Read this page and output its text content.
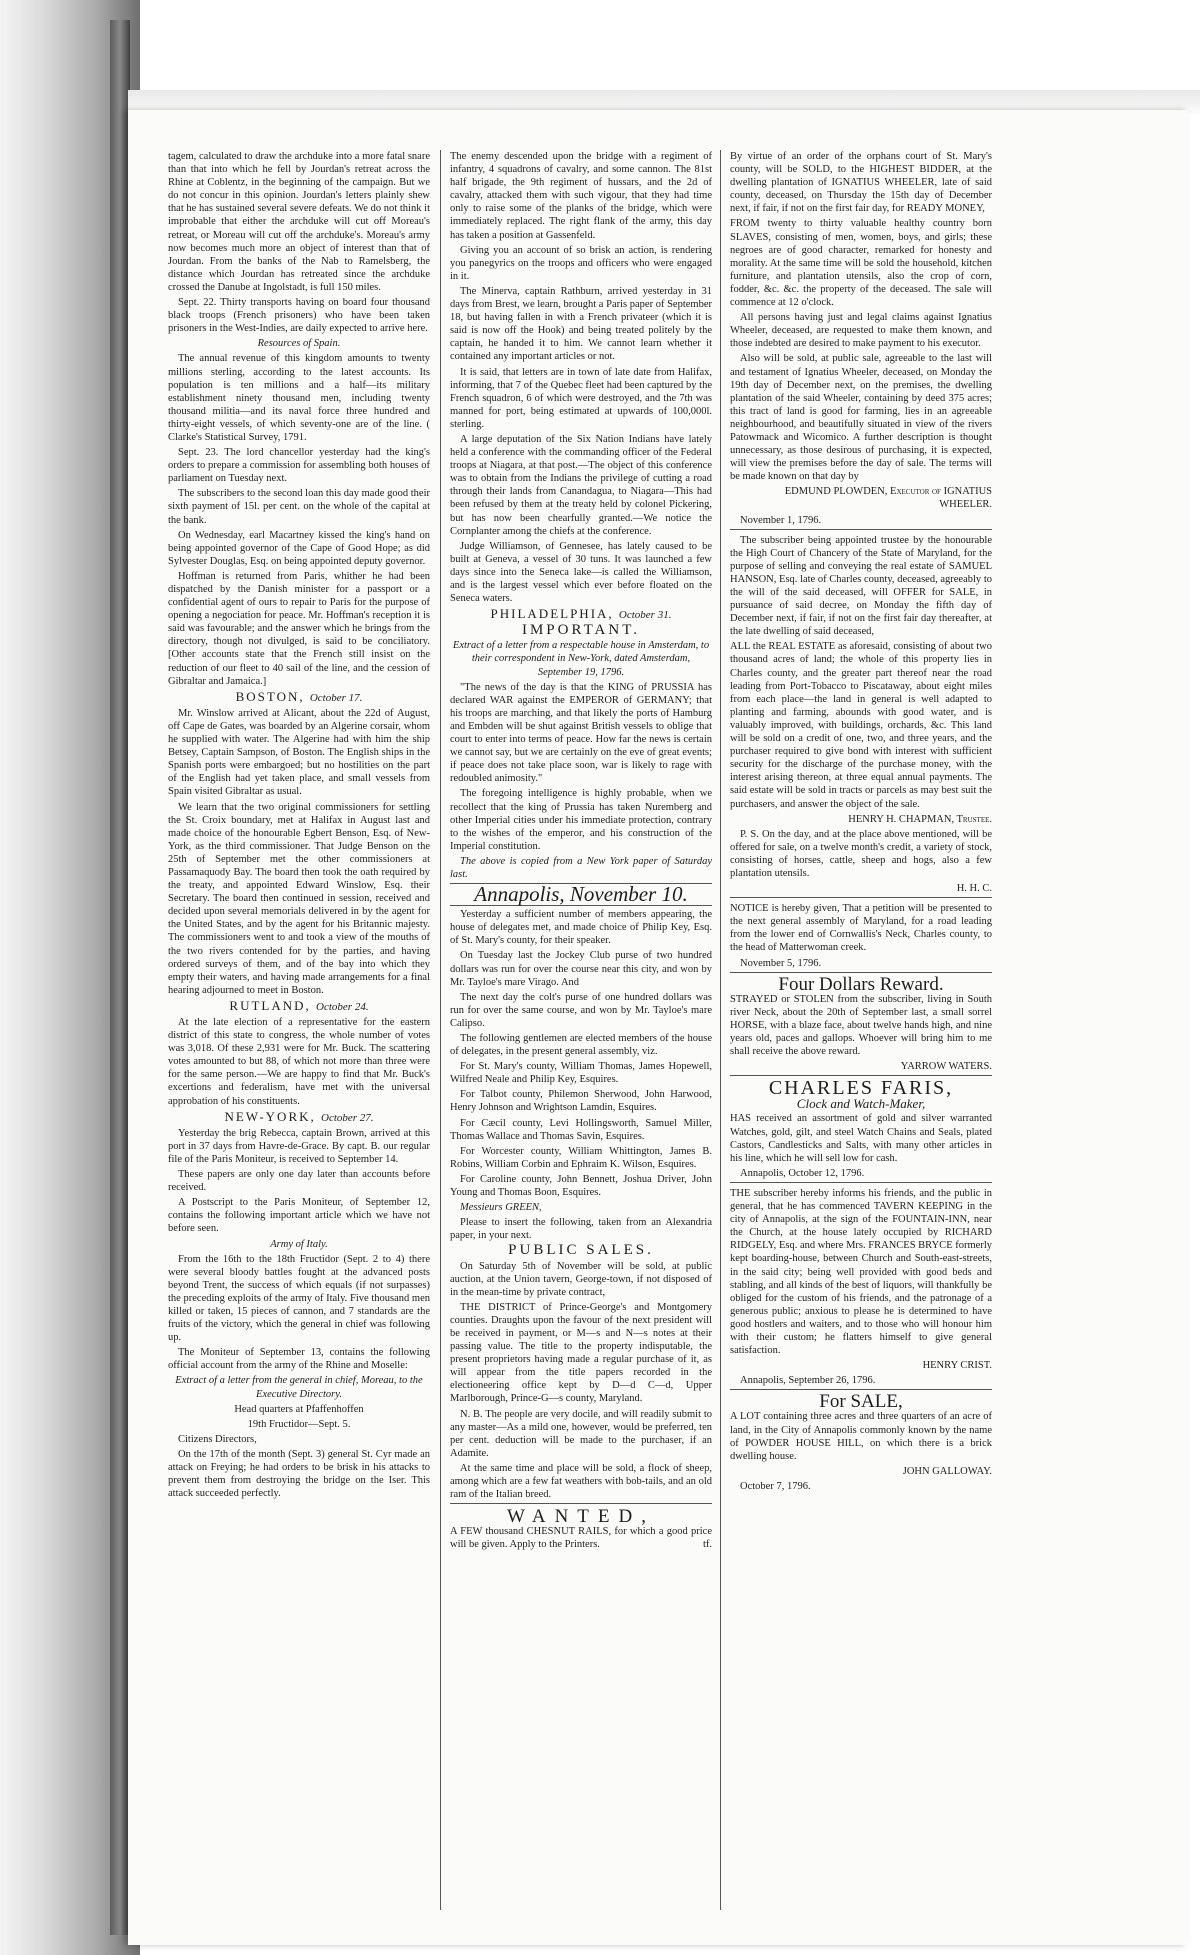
tagem, calculated to draw the archduke into a more fatal snare than that into which he fell by Jourdan's retreat across the Rhine at Coblentz, in the beginning of the campaign. But we do not concur in this opinion. Jourdan's letters plainly shew that he has sustained several severe defeats. We do not think it improbable that either the archduke will cut off Moreau's retreat, or Moreau will cut off the archduke's. Moreau's army now becomes much more an object of interest than that of Jourdan. From the banks of the Nab to Ramelsberg, the distance which Jourdan has retreated since the archduke crossed the Danube at Ingolstadt, is full 150 miles.

Sept. 22. Thirty transports having on board four thousand black troops (French prisoners) who have been taken prisoners in the West-Indies, are daily expected to arrive here.

Resources of Spain.

The annual revenue of this kingdom amounts to twenty millions sterling, according to the latest accounts. Its population is ten millions and a half—its military establishment ninety thousand men, including twenty thousand militia—and its naval force three hundred and thirty-eight vessels, of which seventy-one are of the line. ( Clarke's Statistical Survey, 1791.

Sept. 23. The lord chancellor yesterday had the king's orders to prepare a commission for assembling both houses of parliament on Tuesday next.

The subscribers to the second loan this day made good their sixth payment of 15l. per cent. on the whole of the capital at the bank.

On Wednesday, earl Macartney kissed the king's hand on being appointed governor of the Cape of Good Hope; as did Sylvester Douglas, Esq. on being appointed deputy governor.

Hoffman is returned from Paris, whither he had been dispatched by the Danish minister for a passport or a confidential agent of ours to repair to Paris for the purpose of opening a negociation for peace. Mr. Hoffman's reception it is said was favourable; and the answer which he brings from the directory, though not divulged, is said to be conciliatory. [Other accounts state that the French still insist on the reduction of our fleet to 40 sail of the line, and the cession of Gibraltar and Jamaica.]

BOSTON, October 17.

Mr. Winslow arrived at Alicant, about the 22d of August, off Cape de Gates, was boarded by an Algerine corsair, whom he supplied with water. The Algerine had with him the ship Betsey, Captain Sampson, of Boston. The English ships in the Spanish ports were embargoed; but no hostilities on the part of the English had yet taken place, and small vessels from Spain visited Gibraltar as usual.

We learn that the two original commissioners for settling the St. Croix boundary, met at Halifax in August last and made choice of the honourable Egbert Benson, Esq. of New-York, as the third commissioner. That Judge Benson on the 25th of September met the other commissioners at Passamaquody Bay. The board then took the oath required by the treaty, and appointed Edward Winslow, Esq. their Secretary. The board then continued in session, received and decided upon several memorials delivered in by the agent for the United States, and by the agent for his Britannic majesty. The commissioners went to and took a view of the mouths of the two rivers contended for by the parties, and having ordered surveys of them, and of the bay into which they empty their waters, and having made arrangements for a final hearing adjourned to meet in Boston.

RUTLAND, October 24.

At the late election of a representative for the eastern district of this state to congress, the whole number of votes was 3,018. Of these 2,931 were for Mr. Buck. The scattering votes amounted to but 88, of which not more than three were for the same person.—We are happy to find that Mr. Buck's excertions and federalism, have met with the universal approbation of his constituents.

NEW-YORK, October 27.

Yesterday the brig Rebecca, captain Brown, arrived at this port in 37 days from Havre-de-Grace. By capt. B. our regular file of the Paris Moniteur, is received to September 14.

These papers are only one day later than accounts before received.

A Postscript to the Paris Moniteur, of September 12, contains the following important article which we have not before seen.

Army of Italy.

From the 16th to the 18th Fructidor (Sept. 2 to 4) there were several bloody battles fought at the advanced posts beyond Trent, the success of which equals (if not surpasses) the preceding exploits of the army of Italy. Five thousand men killed or taken, 15 pieces of cannon, and 7 standards are the fruits of the victory, which the general in chief was following up.

The Moniteur of September 13, contains the following official account from the army of the Rhine and Moselle:

Extract of a letter from the general in chief, Moreau, to the Executive Directory.

Head quarters at Pfaffenhoffen

19th Fructidor—Sept. 5.

Citizens Directors,

On the 17th of the month (Sept. 3) general St. Cyr made an attack on Freying; he had orders to be brisk in his attacks to prevent them from destroying the bridge on the Iser. This attack succeeded perfectly.

The enemy descended upon the bridge with a regiment of infantry, 4 squadrons of cavalry, and some cannon. The 81st half brigade, the 9th regiment of hussars, and the 2d of cavalry, attacked them with such vigour, that they had time only to raise some of the planks of the bridge, which were immediately replaced. The right flank of the army, this day has taken a position at Gassenfeld.

Giving you an account of so brisk an action, is rendering you panegyrics on the troops and officers who were engaged in it.

The Minerva, captain Rathburn, arrived yesterday in 31 days from Brest, we learn, brought a Paris paper of September 18, but having fallen in with a French privateer (which it is said is now off the Hook) and being treated politely by the captain, he handed it to him. We cannot learn whether it contained any important articles or not.

It is said, that letters are in town of late date from Halifax, informing, that 7 of the Quebec fleet had been captured by the French squadron, 6 of which were destroyed, and the 7th was manned for port, being estimated at upwards of 100,000l. sterling.

A large deputation of the Six Nation Indians have lately held a conference with the commanding officer of the Federal troops at Niagara, at that post.—The object of this conference was to obtain from the Indians the privilege of cutting a road through their lands from Canandagua, to Niagara—This had been refused by them at the treaty held by colonel Pickering, but has now been chearfully granted.—We notice the Cornplanter among the chiefs at the conference.

Judge Williamson, of Gennesee, has lately caused to be built at Geneva, a vessel of 30 tuns. It was launched a few days since into the Seneca lake—is called the Williamson, and is the largest vessel which ever before floated on the Seneca waters.

PHILADELPHIA, October 31.

IMPORTANT.

Extract of a letter from a respectable house in Amsterdam, to their correspondent in New-York, dated Amsterdam, September 19, 1796.

"The news of the day is that the KING of PRUSSIA has declared WAR against the EMPEROR of GERMANY; that his troops are marching, and that likely the ports of Hamburg and Embden will be shut against British vessels to oblige that court to enter into terms of peace. How far the news is certain we cannot say, but we are certainly on the eve of great events; if peace does not take place soon, war is likely to rage with redoubled animosity."

The foregoing intelligence is highly probable, when we recollect that the king of Prussia has taken Nuremberg and other Imperial cities under his immediate protection, contrary to the wishes of the emperor, and his construction of the Imperial constitution.

The above is copied from a New York paper of Saturday last.

Annapolis, November 10.

Yesterday a sufficient number of members appearing, the house of delegates met, and made choice of Philip Key, Esq. of St. Mary's county, for their speaker.

On Tuesday last the Jockey Club purse of two hundred dollars was run for over the course near this city, and won by Mr. Tayloe's mare Virago. And

The next day the colt's purse of one hundred dollars was run for over the same course, and won by Mr. Tayloe's mare Calipso.

The following gentlemen are elected members of the house of delegates, in the present general assembly, viz.

For St. Mary's county, William Thomas, James Hopewell, Wilfred Neale and Philip Key, Esquires.

For Talbot county, Philemon Sherwood, John Harwood, Henry Johnson and Wrightson Lamdin, Esquires.

For Cæcil county, Levi Hollingsworth, Samuel Miller, Thomas Wallace and Thomas Savin, Esquires.

For Worcester county, William Whittington, James B. Robins, William Corbin and Ephraim K. Wilson, Esquires.

For Caroline county, John Bennett, Joshua Driver, John Young and Thomas Boon, Esquires.

Messieurs GREEN,

Please to insert the following, taken from an Alexandria paper, in your next.

PUBLIC SALES.

On Saturday 5th of November will be sold, at public auction, at the Union tavern, George-town, if not disposed of in the mean-time by private contract,

THE DISTRICT of Prince-George's and Montgomery counties. Draughts upon the favour of the next president will be received in payment, or M—s and N—s notes at their passing value. The title to the property indisputable, the present proprietors having made a regular purchase of it, as will appear from the title papers recorded in the electioneering office kept by D—d C—d, Upper Marlborough, Prince-G—s county, Maryland.

N. B. The people are very docile, and will readily submit to any master—As a mild one, however, would be preferred, ten per cent. deduction will be made to the purchaser, if an Adamite.

At the same time and place will be sold, a flock of sheep, among which are a few fat weathers with bob-tails, and an old ram of the Italian breed.

WANTED,

A FEW thousand CHESNUT RAILS, for which a good price will be given. Apply to the Printers.	tf.

By virtue of an order of the orphans court of St. Mary's county, will be SOLD, to the HIGHEST BIDDER, at the dwelling plantation of IGNATIUS WHEELER, late of said county, deceased, on Thursday the 15th day of December next, if fair, if not on the first fair day, for READY MONEY,

FROM twenty to thirty valuable healthy country born SLAVES, consisting of men, women, boys, and girls; these negroes are of good character, remarked for honesty and morality. At the same time will be sold the household, kitchen furniture, and plantation utensils, also the crop of corn, fodder, &c. &c. the property of the deceased. The sale will commence at 12 o'clock.

All persons having just and legal claims against Ignatius Wheeler, deceased, are requested to make them known, and those indebted are desired to make payment to his executor.

Also will be sold, at public sale, agreeable to the last will and testament of Ignatius Wheeler, deceased, on Monday the 19th day of December next, on the premises, the dwelling plantation of the said Wheeler, containing by deed 375 acres; this tract of land is good for farming, lies in an agreeable neighbourhood, and beautifully situated in view of the rivers Patowmack and Wicomico. A further description is thought unnecessary, as those desirous of purchasing, it is expected, will view the premises before the day of sale. The terms will be made known on that day by

EDMUND PLOWDEN, Executor of IGNATIUS WHEELER.

November 1, 1796.

The subscriber being appointed trustee by the honourable the High Court of Chancery of the State of Maryland, for the purpose of selling and conveying the real estate of SAMUEL HANSON, Esq. late of Charles county, deceased, agreeably to the will of the said deceased, will OFFER for SALE, in pursuance of said decree, on Monday the fifth day of December next, if fair, if not on the first fair day thereafter, at the late dwelling of said deceased,

ALL the REAL ESTATE as aforesaid, consisting of about two thousand acres of land; the whole of this property lies in Charles county, and the greater part thereof near the road leading from Port-Tobacco to Piscataway, about eight miles from each place—the land in general is well adapted to planting and farming, abounds with good water, and is valuably improved, with buildings, orchards, &c. This land will be sold on a credit of one, two, and three years, and the purchaser required to give bond with interest with sufficient security for the discharge of the purchase money, with the interest arising thereon, at three equal annual payments. The said estate will be sold in tracts or parcels as may best suit the purchasers, and answer the object of the sale.

HENRY H. CHAPMAN, Trustee.

P. S. On the day, and at the place above mentioned, will be offered for sale, on a twelve month's credit, a variety of stock, consisting of horses, cattle, sheep and hogs, also a few plantation utensils.

H. H. C.

NOTICE is hereby given, That a petition will be presented to the next general assembly of Maryland, for a road leading from the lower end of Cornwallis's Neck, Charles county, to the head of Matterwoman creek.

November 5, 1796.

Four Dollars Reward.

STRAYED or STOLEN from the subscriber, living in South river Neck, about the 20th of September last, a small sorrel HORSE, with a blaze face, about twelve hands high, and nine years old, paces and gallops. Whoever will bring him to me shall receive the above reward.

YARROW WATERS.

CHARLES FARIS,

Clock and Watch-Maker,

HAS received an assortment of gold and silver warranted Watches, gold, gilt, and steel Watch Chains and Seals, plated Castors, Candlesticks and Salts, with many other articles in his line, which he will sell low for cash.

Annapolis, October 12, 1796.

THE subscriber hereby informs his friends, and the public in general, that he has commenced TAVERN KEEPING in the city of Annapolis, at the sign of the FOUNTAIN-INN, near the Church, at the house lately occupied by RICHARD RIDGELY, Esq. and where Mrs. FRANCES BRYCE formerly kept boarding-house, between Church and South-east-streets, in the said city; being well provided with good beds and stabling, and all kinds of the best of liquors, will thankfully be obliged for the custom of his friends, and the patronage of a generous public; anxious to please he is determined to have good hostlers and waiters, and to those who will honour him with their custom; he flatters himself to give general satisfaction.

HENRY CRIST.

Annapolis, September 26, 1796.

For SALE,

A LOT containing three acres and three quarters of an acre of land, in the City of Annapolis commonly known by the name of POWDER HOUSE HILL, on which there is a brick dwelling house.

JOHN GALLOWAY.

October 7, 1796.
